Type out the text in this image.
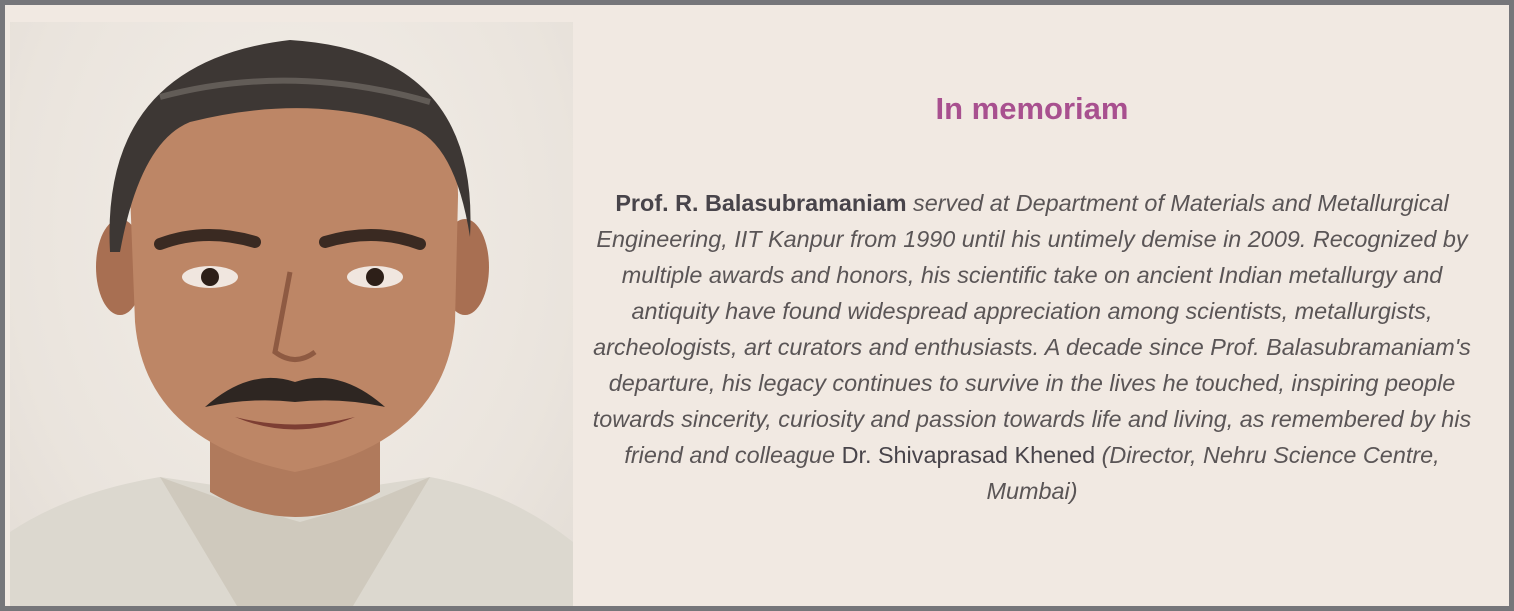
In memoriam
Prof. R. Balasubramaniam served at Department of Materials and Metallurgical Engineering, IIT Kanpur from 1990 until his untimely demise in 2009. Recognized by multiple awards and honors, his scientific take on ancient Indian metallurgy and antiquity have found widespread appreciation among scientists, metallurgists, archeologists, art curators and enthusiasts. A decade since Prof. Balasubramaniam's departure, his legacy continues to survive in the lives he touched, inspiring people towards sincerity, curiosity and passion towards life and living, as remembered by his friend and colleague Dr. Shivaprasad Khened (Director, Nehru Science Centre, Mumbai)
